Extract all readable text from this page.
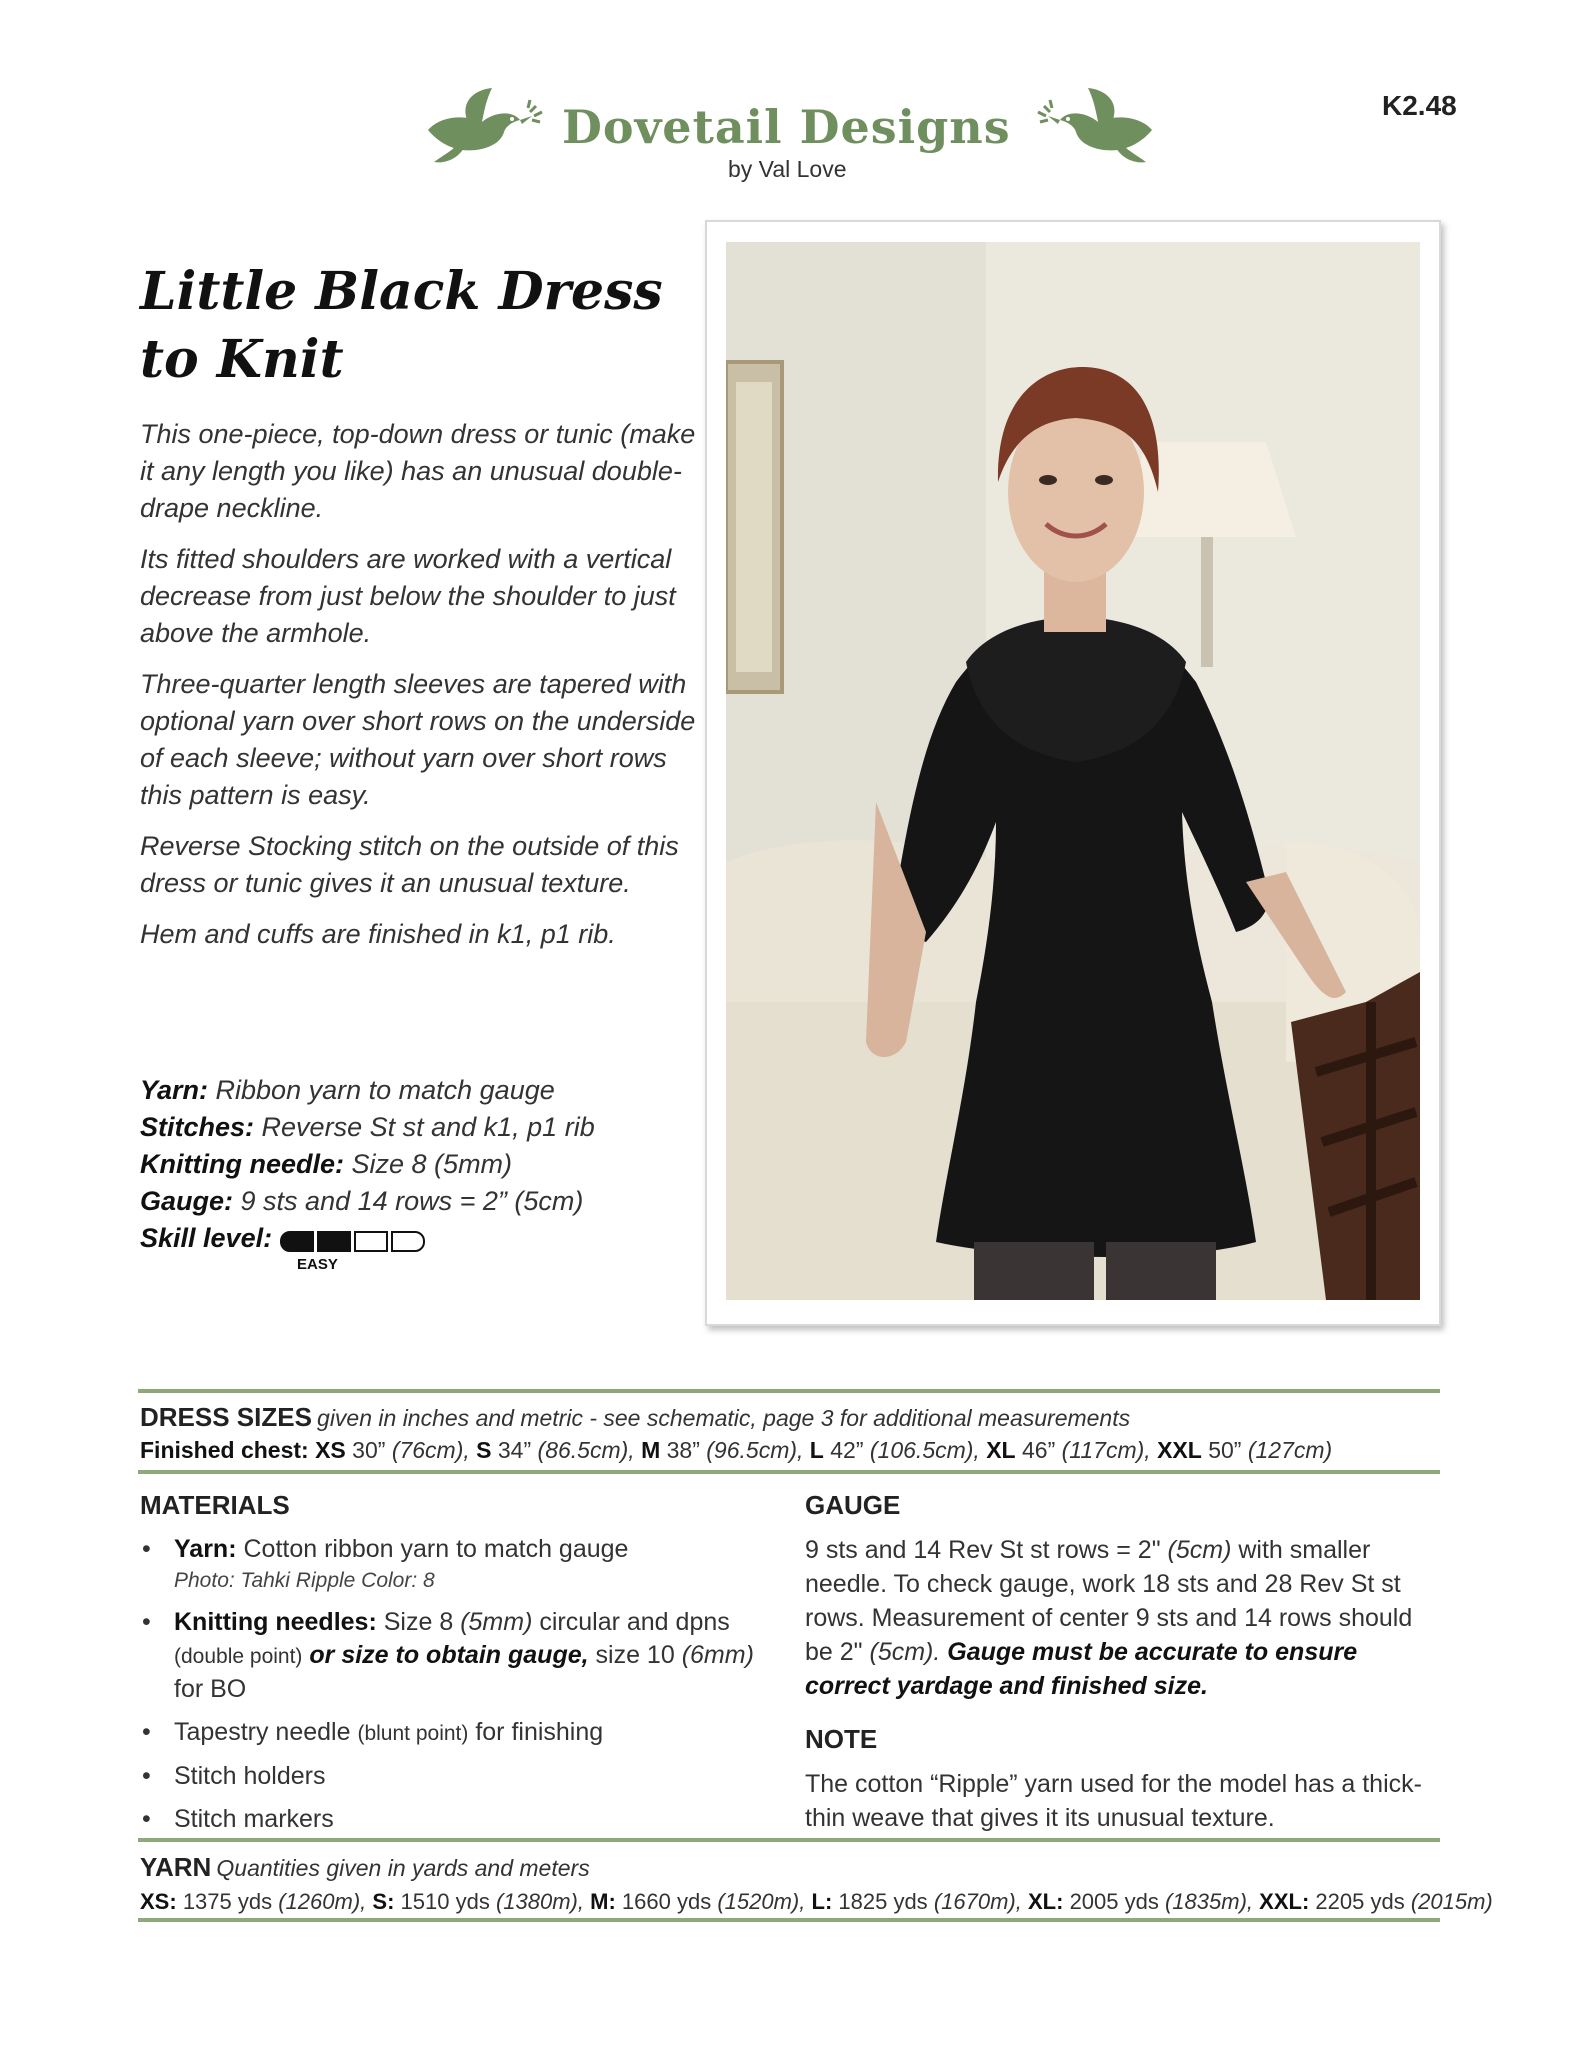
Dovetail Designs
by Val Love
K2.48
Little Black Dress
to Knit

This one-piece, top-down dress or tunic (make it any length you like) has an unusual double-drape neckline.

Its fitted shoulders are worked with a vertical decrease from just below the shoulder to just above the armhole.

Three-quarter length sleeves are tapered with optional yarn over short rows on the underside of each sleeve; without yarn over short rows this pattern is easy.

Reverse Stocking stitch on the outside of this dress or tunic gives it an unusual texture.

Hem and cuffs are finished in k1, p1 rib.

Yarn: Ribbon yarn to match gauge
Stitches: Reverse St st and k1, p1 rib
Knitting needle: Size 8 (5mm)
Gauge: 9 sts and 14 rows = 2” (5cm)
Skill level:
EASY
DRESS SIZES given in inches and metric - see schematic, page 3 for additional measurements
Finished chest: XS 30” (76cm), S 34” (86.5cm), M 38” (96.5cm), L 42” (106.5cm), XL 46” (117cm), XXL 50” (127cm)
MATERIALS
• Yarn: Cotton ribbon yarn to match gauge
Photo: Tahki Ripple Color: 8
• Knitting needles: Size 8 (5mm) circular and dpns (double point) or size to obtain gauge, size 10 (6mm) for BO
• Tapestry needle (blunt point) for finishing
• Stitch holders
• Stitch markers
GAUGE

9 sts and 14 Rev St st rows = 2" (5cm) with smaller needle. To check gauge, work 18 sts and 28 Rev St st rows. Measurement of center 9 sts and 14 rows should be 2" (5cm). Gauge must be accurate to ensure correct yardage and finished size.

NOTE

The cotton “Ripple” yarn used for the model has a thick-thin weave that gives it its unusual texture.

YARN Quantities given in yards and meters
XS: 1375 yds (1260m), S: 1510 yds (1380m), M: 1660 yds (1520m), L: 1825 yds (1670m), XL: 2005 yds (1835m), XXL: 2205 yds (2015m)
